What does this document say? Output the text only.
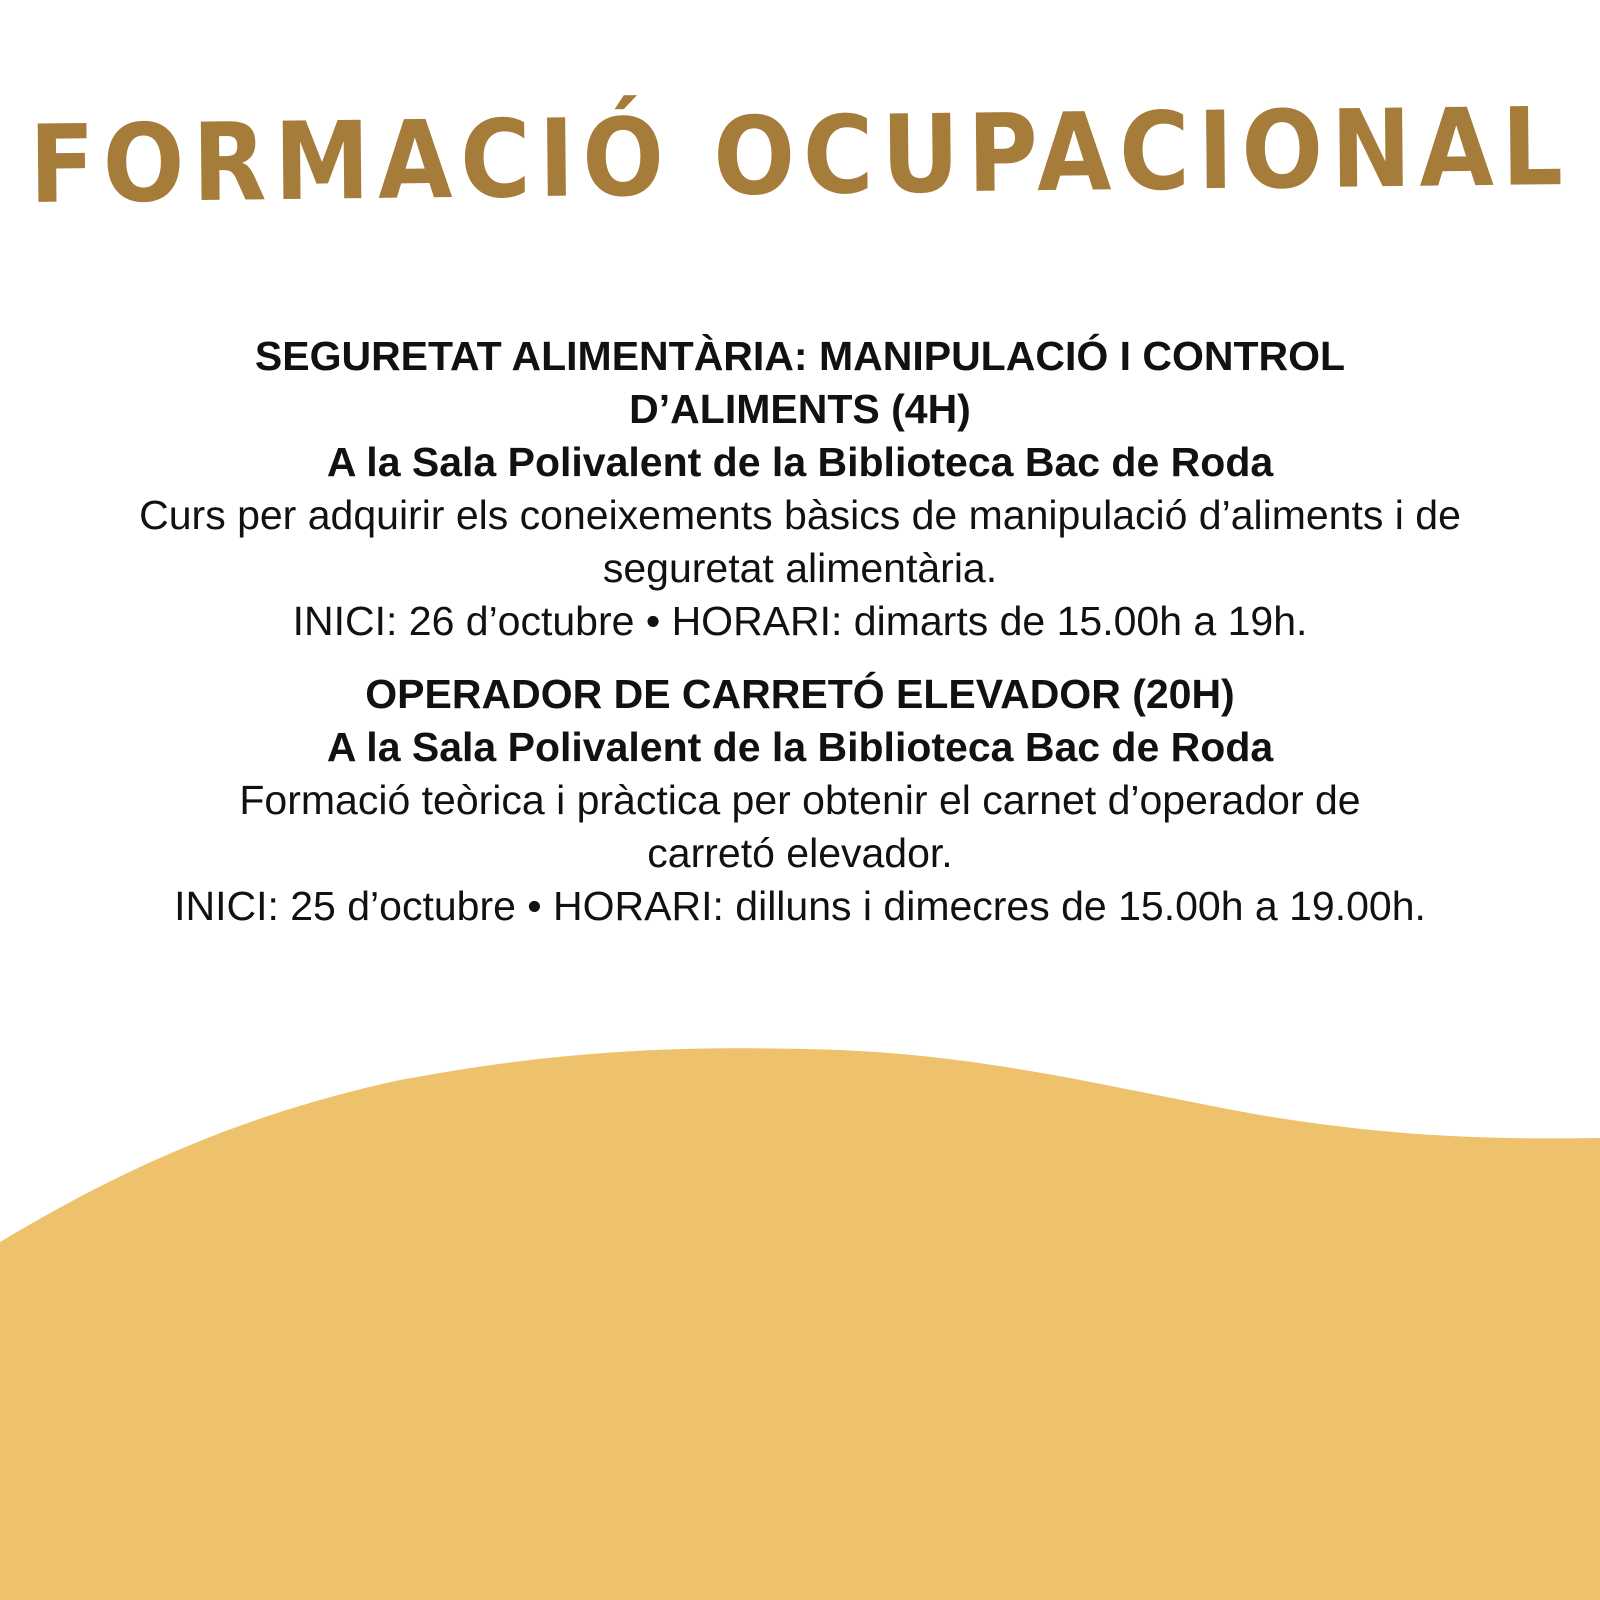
FORMACIÓ OCUPACIONAL

SEGURETAT ALIMENTÀRIA: MANIPULACIÓ I CONTROL D’ALIMENTS (4H)

A la Sala Polivalent de la Biblioteca Bac de Roda

Curs per adquirir els coneixements bàsics de manipulació d’aliments i de seguretat alimentària.

INICI: 26 d’octubre • HORARI: dimarts de 15.00h a 19h.

OPERADOR DE CARRETÓ ELEVADOR (20H)

A la Sala Polivalent de la Biblioteca Bac de Roda

Formació teòrica i pràctica per obtenir el carnet d’operador de carretó elevador.

INICI: 25 d’octubre • HORARI: dilluns i dimecres de 15.00h a 19.00h.
